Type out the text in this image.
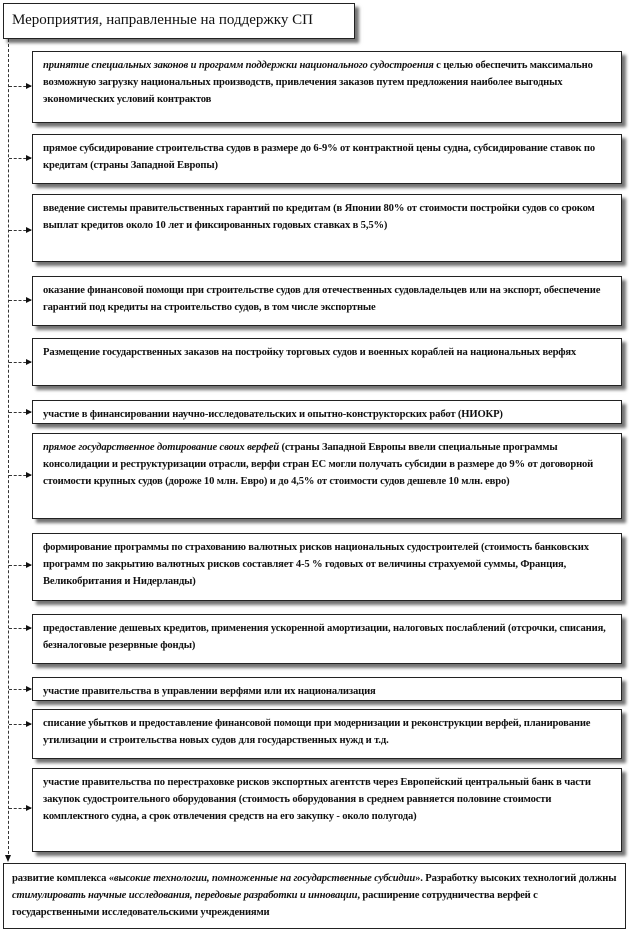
Мероприятия, направленные на поддержку СП
принятие специальных законов и программ поддержки национального судостроения с целью обеспечить максимально возможную загрузку национальных производств, привлечения заказов путем предложения наиболее выгодных экономических условий контрактов
прямое субсидирование строительства судов в размере до 6-9% от контрактной цены судна, субсидирование ставок по кредитам (страны Западной Европы)
введение системы правительственных гарантий по кредитам (в Японии 80% от стоимости постройки судов со сроком выплат кредитов около 10 лет и фиксированных годовых ставках в 5,5%)
оказание финансовой помощи при строительстве судов для отечественных судовладельцев или на экспорт, обеспечение гарантий под кредиты на строительство судов, в том числе экспортные
Размещение государственных заказов на постройку торговых судов и военных кораблей на национальных верфях
участие в финансировании научно-исследовательских и опытно-конструкторских работ (НИОКР)
прямое государственное дотирование своих верфей (страны Западной Европы ввели специальные программы консолидации и реструктуризации отрасли, верфи стран ЕС могли получать субсидии в размере до 9% от договорной стоимости крупных судов (дороже 10 млн. Евро) и до 4,5% от стоимости судов дешевле 10 млн. евро)
формирование программы по страхованию валютных рисков национальных судостроителей (стоимость банковских программ по закрытию валютных рисков составляет 4-5 % годовых от величины страхуемой суммы, Франция, Великобритания и Нидерланды)
предоставление дешевых кредитов, применения ускоренной амортизации, налоговых послаблений (отсрочки, списания, безналоговые резервные фонды)
участие правительства в управлении верфями или их национализация
списание убытков и предоставление финансовой помощи при модернизации и реконструкции верфей, планирование утилизации и строительства новых судов для государственных нужд и т.д.
участие правительства по перестраховке рисков экспортных агентств через Европейский центральный банк в части закупок судостроительного оборудования (стоимость оборудования в среднем равняется половине стоимости комплектного судна, а срок отвлечения средств на его закупку - около полугода)
развитие комплекса «высокие технологии, помноженные на государственные субсидии». Разработку высоких технологий должны стимулировать научные исследования, передовые разработки и инновации, расширение сотрудничества верфей с государственными исследовательскими учреждениями
